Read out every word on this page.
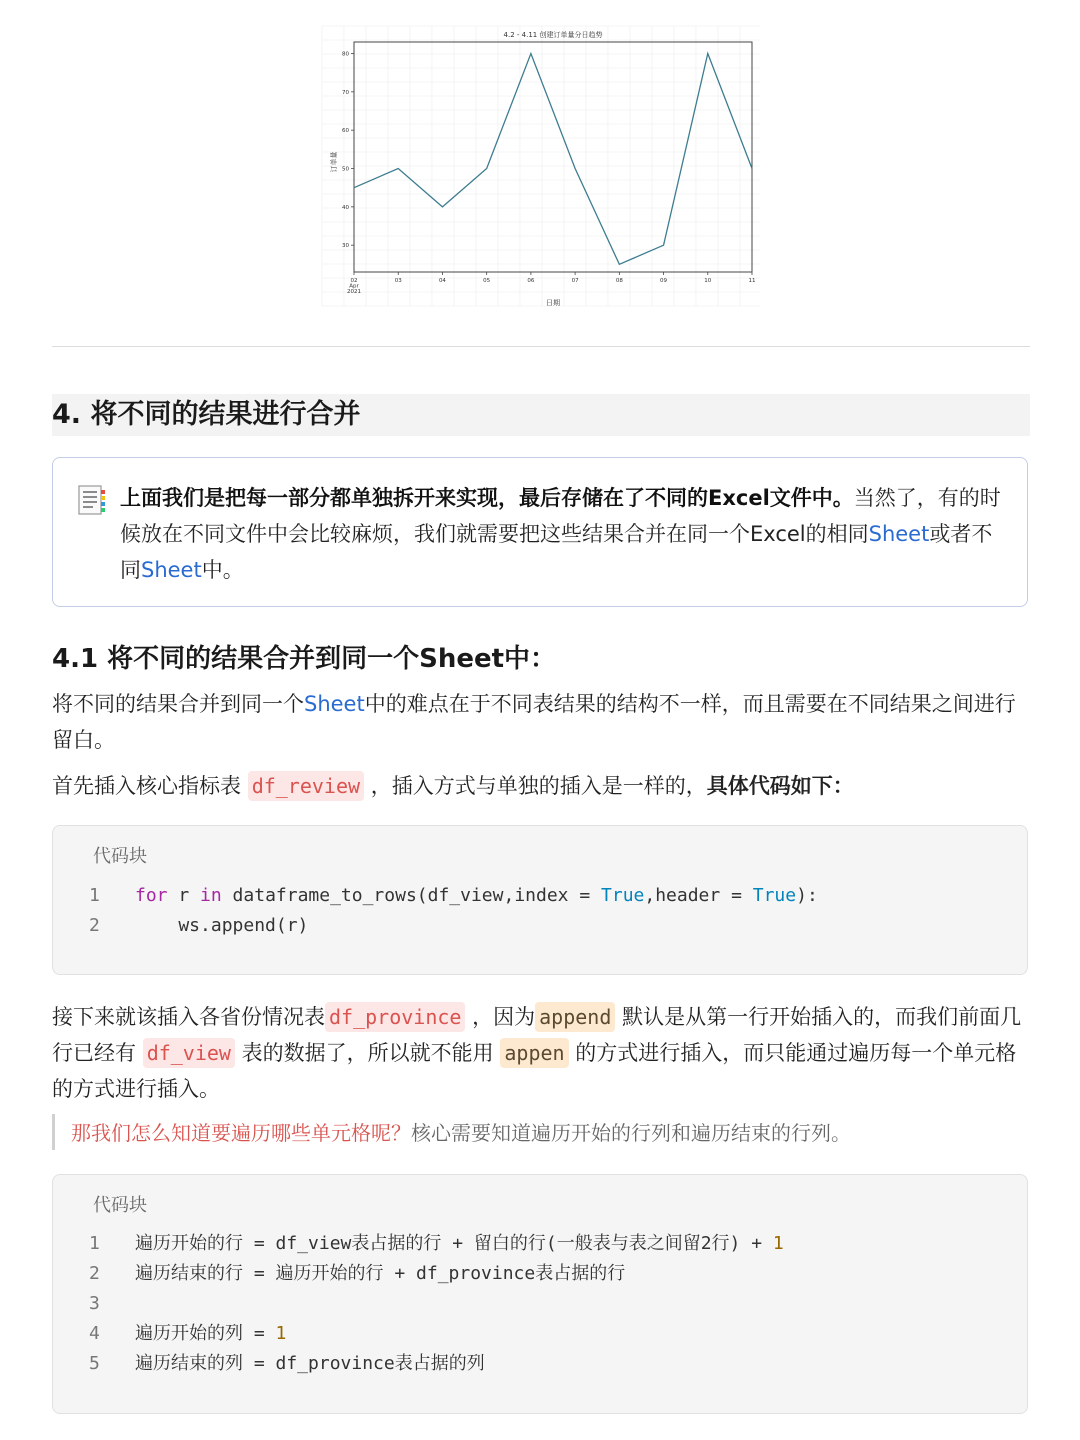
4.2 - 4.11 创建订单量分日趋势
日期
订单量
30
40
50
60
70
80
02 Apr 2021
03	04	05	06	07	08	09	10	11
4. 将不同的结果进行合并
上面我们是把每一部分都单独拆开来实现，最后存储在了不同的Excel文件中。当然了，有的时候放在不同文件中会比较麻烦，我们就需要把这些结果合并在同一个Excel的相同Sheet或者不同Sheet中。
4.1 将不同的结果合并到同一个Sheet中：
将不同的结果合并到同一个Sheet中的难点在于不同表结果的结构不一样，而且需要在不同结果之间进行留白。
首先插入核心指标表 df_review ，插入方式与单独的插入是一样的，具体代码如下：
代码块
1 for r in dataframe_to_rows(df_view,index = True,header = True):
2    ws.append(r)
接下来就该插入各省份情况表 df_province ，因为 append 默认是从第一行开始插入的，而我们前面几行已经有 df_view 表的数据了，所以就不能用 appen 的方式进行插入，而只能通过遍历每一个单元格的方式进行插入。
那我们怎么知道要遍历哪些单元格呢？核心需要知道遍历开始的行列和遍历结束的行列。
代码块
1 遍历开始的行 = df_view表占据的行 + 留白的行(一般表与表之间留2行) + 1
2 遍历结束的行 = 遍历开始的行 + df_province表占据的行
3
4 遍历开始的列 = 1
5 遍历结束的列 = df_province表占据的列
